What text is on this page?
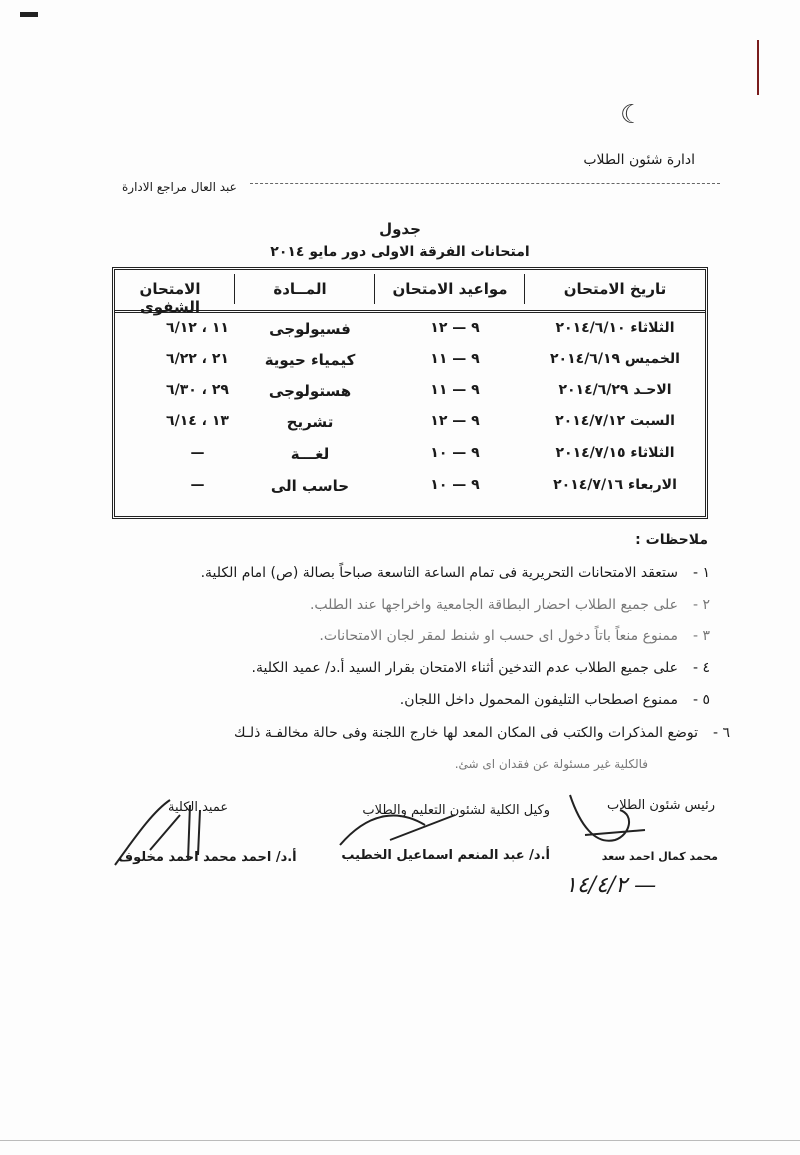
☾
ادارة شئون الطلاب
عبد العال مراجع الادارة
جدول
امتحانات الفرقة الاولى دور مايو ٢٠١٤
تاريخ الامتحان
مواعيد الامتحان
المــادة
الامتحان الشفوى
الثلاثاء ٢٠١٤/٦/١٠
٩ — ١٢
فسيولوجى
١١ ، ٦/١٢
الخميس ٢٠١٤/٦/١٩
٩ — ١١
كيمياء حيوية
٢١ ، ٦/٢٢
الاحـد ٢٠١٤/٦/٢٩
٩ — ١١
هستولوجى
٢٩ ، ٦/٣٠
السبت ٢٠١٤/٧/١٢
٩ — ١٢
تشريح
١٣ ، ٦/١٤
الثلاثاء ٢٠١٤/٧/١٥
٩ — ١٠
لغـــة
—
الاربعاء ٢٠١٤/٧/١٦
٩ — ١٠
حاسب الى
—
ملاحظات :
١ -ستعقد الامتحانات التحريرية فى تمام الساعة التاسعة صباحاً بصالة (ص) امام الكلية.
٢ -على جميع الطلاب احضار البطاقة الجامعية واخراجها عند الطلب.
٣ -ممنوع منعاً باتاً دخول اى حسب او شنط لمقر لجان الامتحانات.
٤ -على جميع الطلاب عدم التدخين أثناء الامتحان بقرار السيد أ.د/ عميد الكلية.
٥ -ممنوع اصطحاب التليفون المحمول داخل اللجان.
٦ -توضع المذكرات والكتب فى المكان المعد لها خارج اللجنة وفى حالة مخالفـة ذلـك
فالكلية غير مسئولة عن فقدان اى شئ.
رئيس شئون الطلاب
محمد كمال احمد سعد
وكيل الكلية لشئون التعليم والطلاب
أ.د/ عبد المنعم اسماعيل الخطيب
عميد الكلية
أ.د/ احمد محمد احمد مخلوف
١٤/٤/٢ —
